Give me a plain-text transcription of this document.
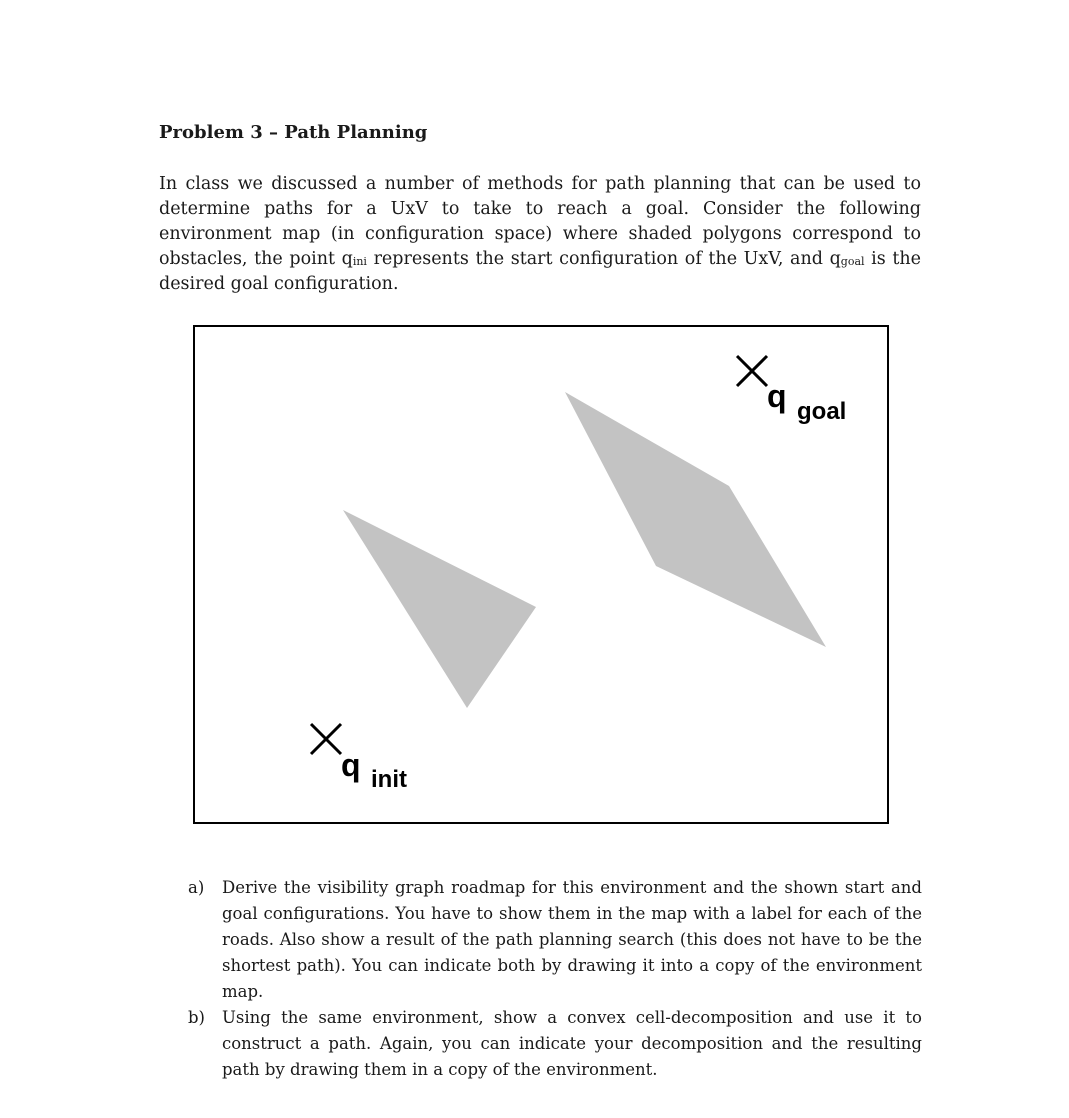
Problem 3 – Path Planning
In class we discussed a number of methods for path planning that can be used to determine paths for a UxV to take to reach a goal. Consider the following environment map (in configuration space) where shaded polygons correspond to obstacles, the point $q_{ini}$ represents the start configuration of the UxV, and $q_{goal}$ is the desired goal configuration.
q init
q goal
a) Derive the visibility graph roadmap for this environment and the shown start and goal configurations. You have to show them in the map with a label for each of the roads. Also show a result of the path planning search (this does not have to be the shortest path). You can indicate both by drawing it into a copy of the environment map.
b) Using the same environment, show a convex cell-decomposition and use it to construct a path. Again, you can indicate your decomposition and the resulting path by drawing them in a copy of the environment.
